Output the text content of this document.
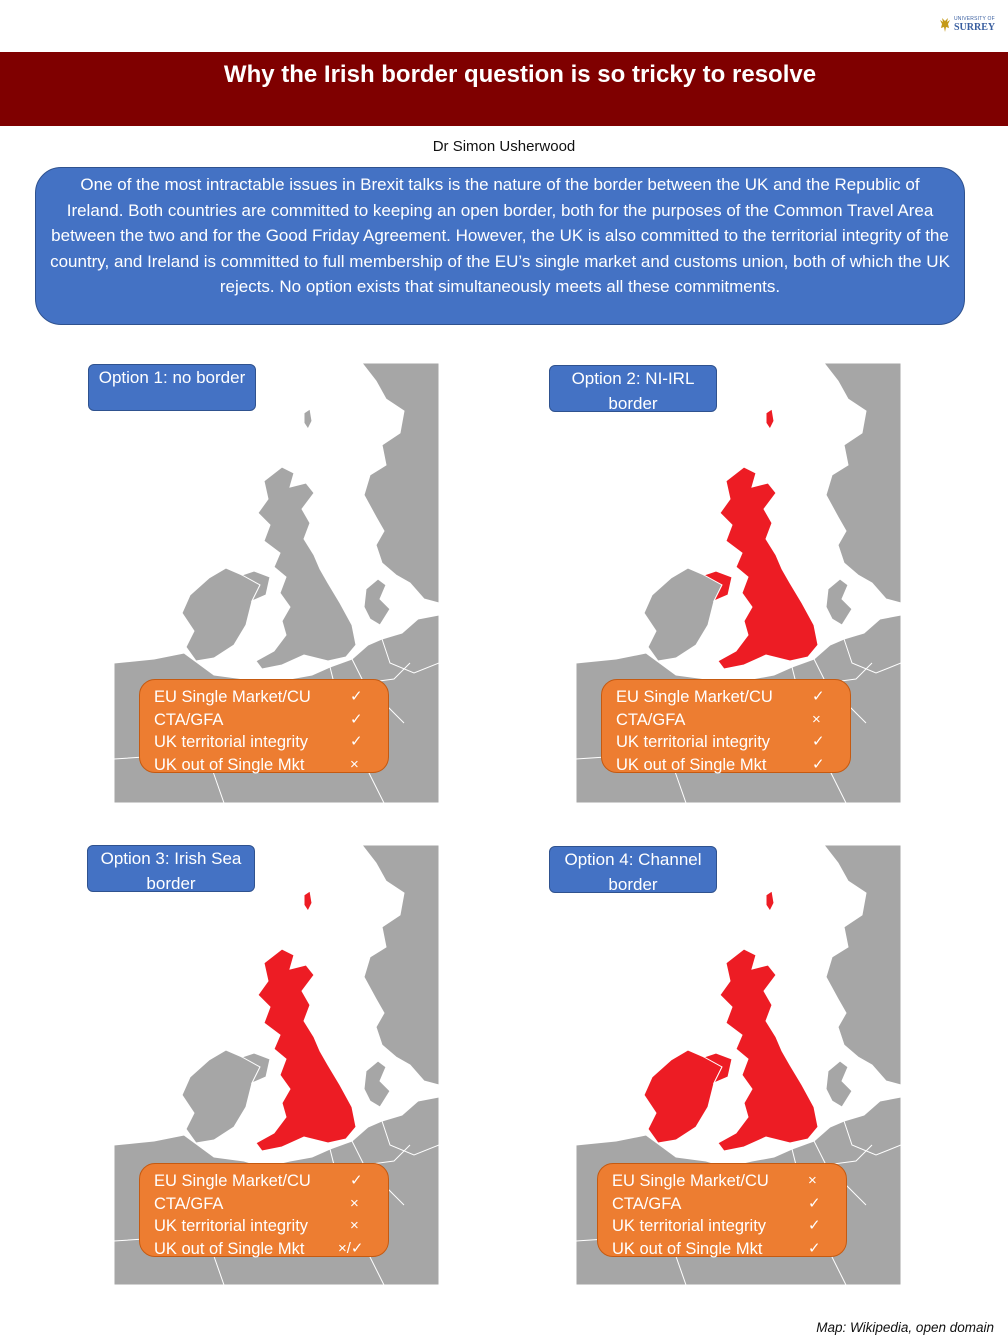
UNIVERSITY OF
SURREY
Why the Irish border question is so tricky to resolve
Dr Simon Usherwood
One of the most intractable issues in Brexit talks is the nature of the border between the UK and the Republic of Ireland. Both countries are committed to keeping an open border, both for the purposes of the Common Travel Area between the two and for the Good Friday Agreement. However, the UK is also committed to the territorial integrity of the country, and Ireland is committed to full membership of the EU’s single market and customs union, both of which the UK rejects. No option exists that simultaneously meets all these commitments.
Option 1: no border
EU Single Market/CU	✓
CTA/GFA	✓
UK territorial integrity	✓
UK out of Single Mkt	×
Option 2: NI-IRL border
EU Single Market/CU	✓
CTA/GFA	×
UK territorial integrity	✓
UK out of Single Mkt	✓
Option 3: Irish Sea border
EU Single Market/CU	✓
CTA/GFA	×
UK territorial integrity	×
UK out of Single Mkt ×/✓
Option 4: Channel border
EU Single Market/CU	×
CTA/GFA	✓
UK territorial integrity	✓
UK out of Single Mkt	✓
Map: Wikipedia, open domain
